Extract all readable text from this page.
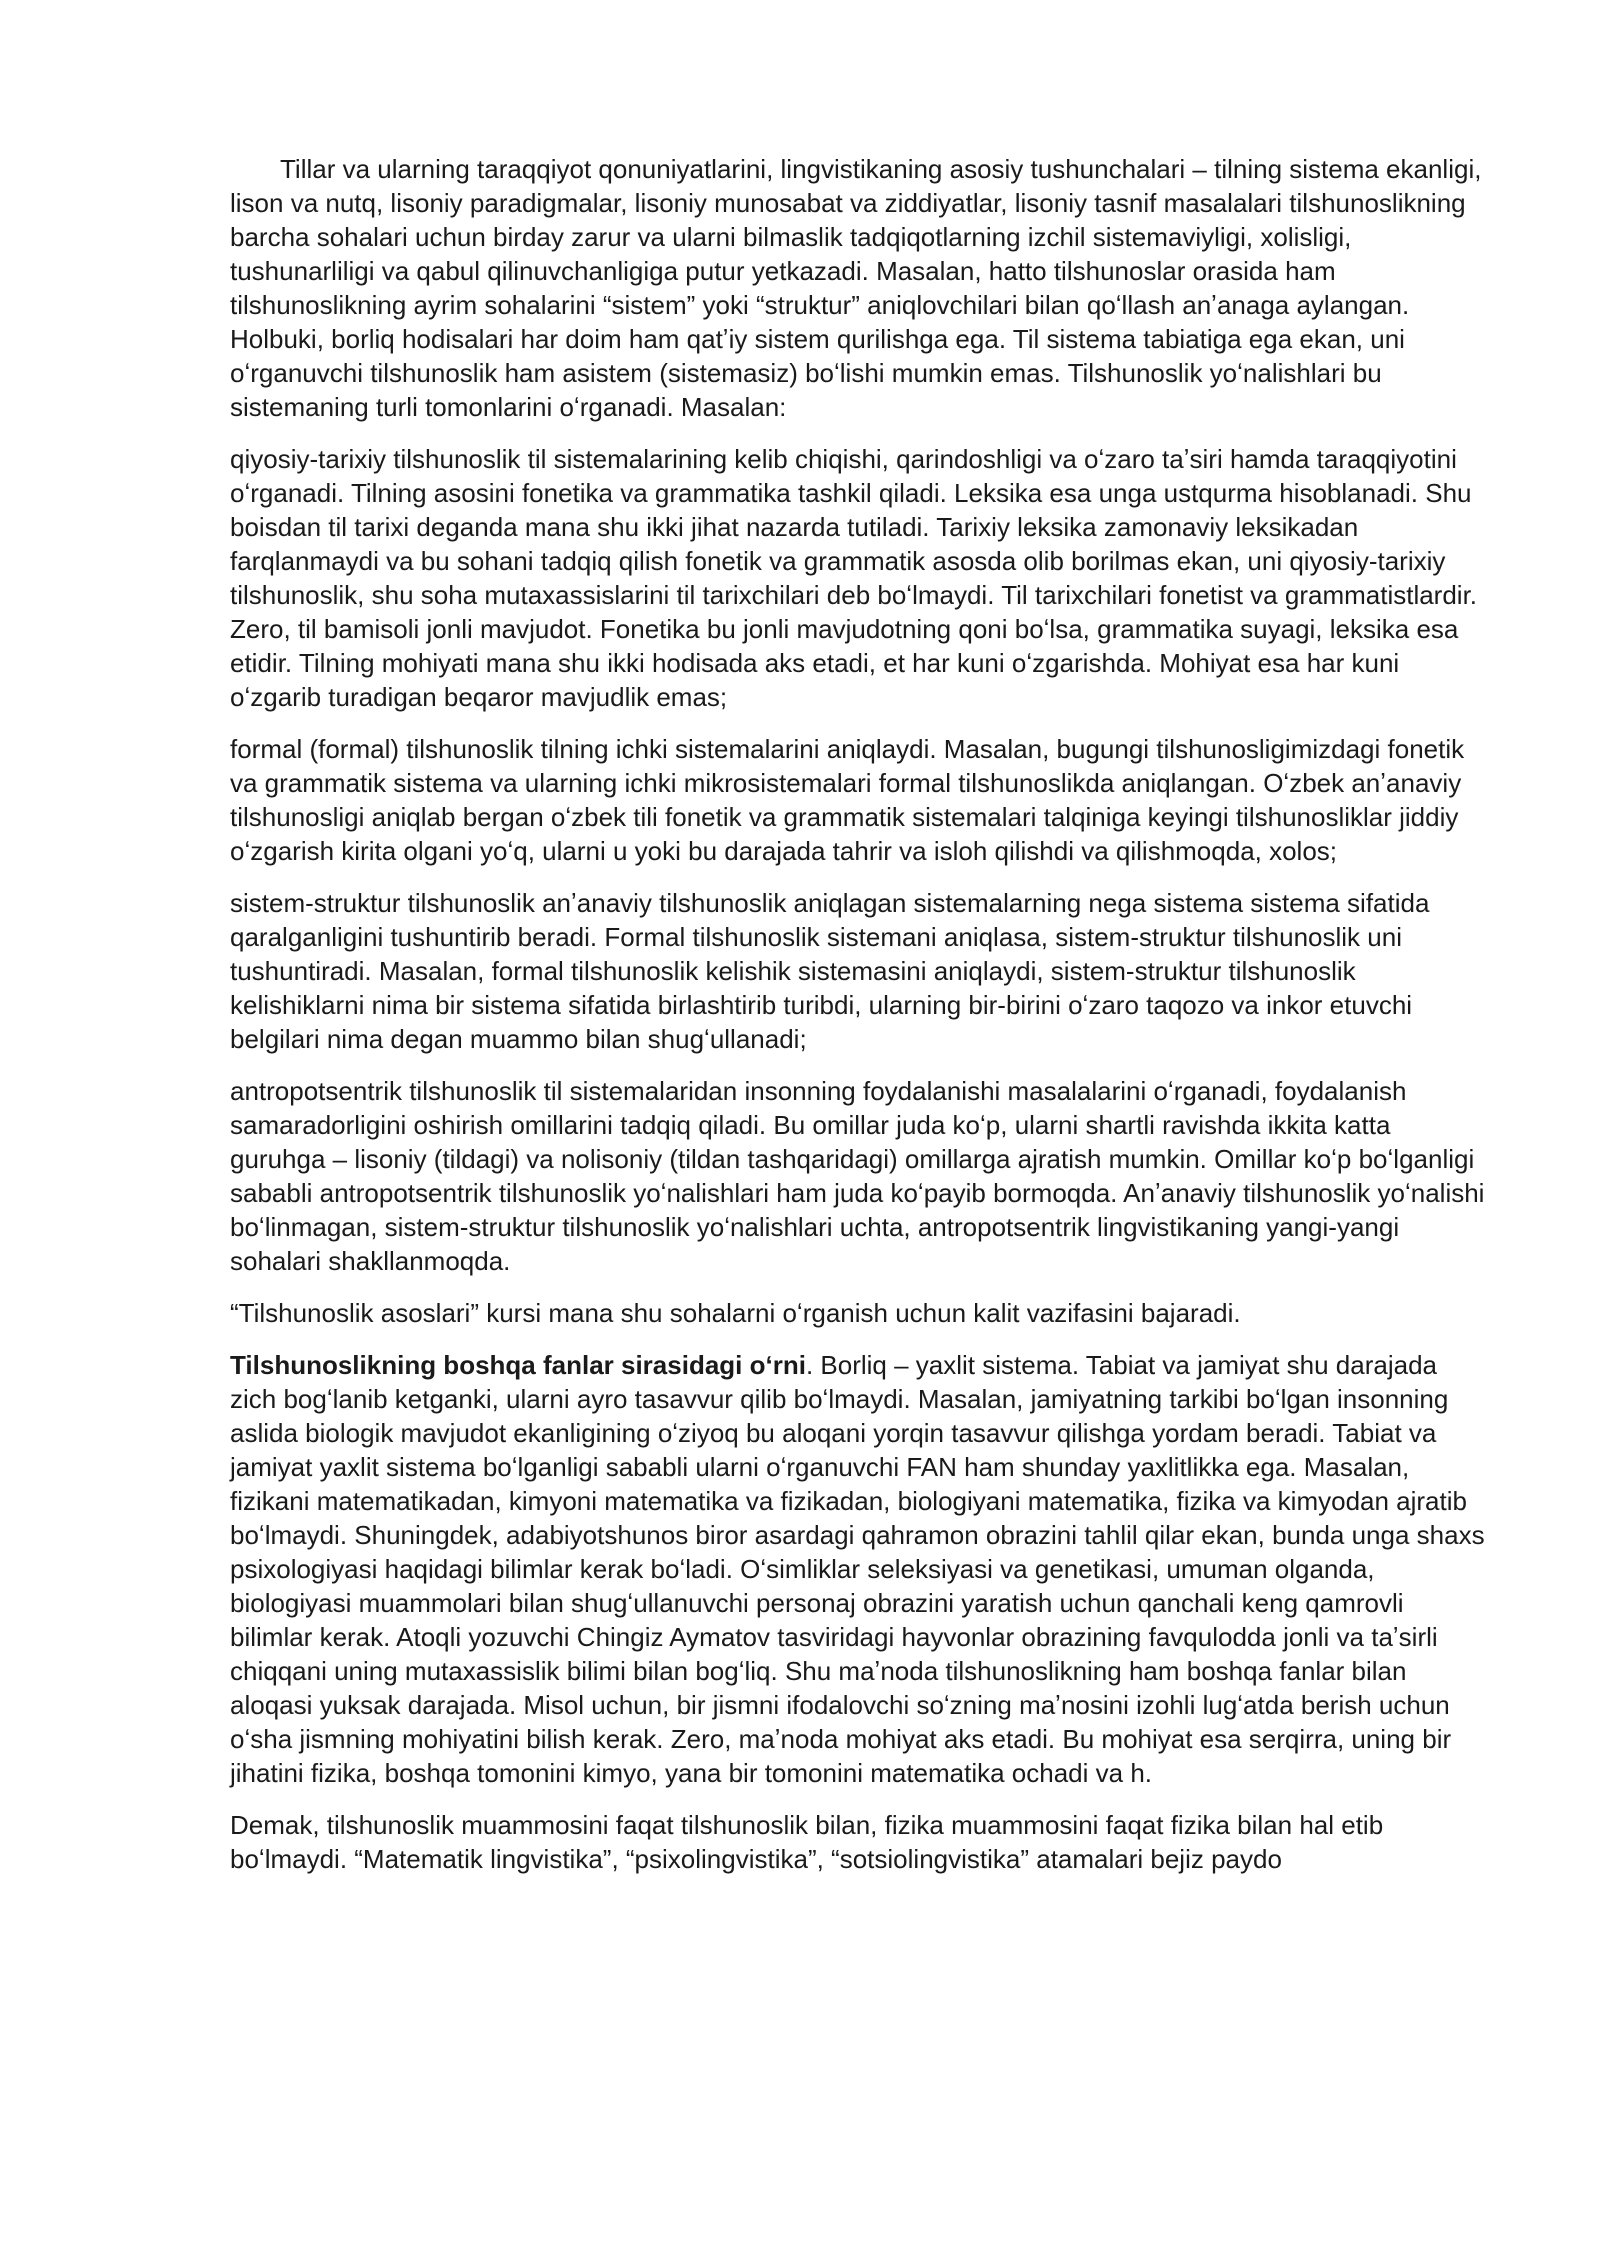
Tillar va ularning taraqqiyot qonuniyatlarini, lingvistikaning asosiy tushunchalari – tilning sistema ekanligi, lison va nutq, lisoniy paradigmalar, lisoniy munosabat va ziddiyatlar, lisoniy tasnif masalalari tilshunoslikning barcha sohalari uchun birday zarur va ularni bilmaslik tadqiqotlarning izchil sistemaviyligi, xolisligi, tushunarliligi va qabul qilinuvchanligiga putur yetkazadi. Masalan, hatto tilshunoslar orasida ham tilshunoslikning ayrim sohalarini “sistem” yoki “struktur” aniqlovchilari bilan qoʻllash anʼanaga aylangan. Holbuki, borliq hodisalari har doim ham qatʼiy sistem qurilishga ega. Til sistema tabiatiga ega ekan, uni oʻrganuvchi tilshunoslik ham asistem (sistemasiz) boʻlishi mumkin emas. Tilshunoslik yoʻnalishlari bu sistemaning turli tomonlarini oʻrganadi. Masalan:

qiyosiy-tarixiy tilshunoslik til sistemalarining kelib chiqishi, qarindoshligi va oʻzaro taʼsiri hamda taraqqiyotini oʻrganadi. Tilning asosini fonetika va grammatika tashkil qiladi. Leksika esa unga ustqurma hisoblanadi. Shu boisdan til tarixi deganda mana shu ikki jihat nazarda tutiladi. Tarixiy leksika zamonaviy leksikadan farqlanmaydi va bu sohani tadqiq qilish fonetik va grammatik asosda olib borilmas ekan, uni qiyosiy-tarixiy tilshunoslik, shu soha mutaxassislarini til tarixchilari deb boʻlmaydi. Til tarixchilari fonetist va grammatistlardir. Zero, til bamisoli jonli mavjudot. Fonetika bu jonli mavjudotning qoni boʻlsa, grammatika suyagi, leksika esa etidir. Tilning mohiyati mana shu ikki hodisada aks etadi, et har kuni oʻzgarishda. Mohiyat esa har kuni oʻzgarib turadigan beqaror mavjudlik emas;

formal (formal) tilshunoslik tilning ichki sistemalarini aniqlaydi. Masalan, bugungi tilshunosligimizdagi fonetik va grammatik sistema va ularning ichki mikrosistemalari formal tilshunoslikda aniqlangan. Oʻzbek anʼanaviy tilshunosligi aniqlab bergan oʻzbek tili fonetik va grammatik sistemalari talqiniga keyingi tilshunosliklar jiddiy oʻzgarish kirita olgani yoʻq, ularni u yoki bu darajada tahrir va isloh qilishdi va qilishmoqda, xolos;

sistem-struktur tilshunoslik anʼanaviy tilshunoslik aniqlagan sistemalarning nega sistema sistema sifatida qaralganligini tushuntirib beradi. Formal tilshunoslik sistemani aniqlasa, sistem-struktur tilshunoslik uni tushuntiradi. Masalan, formal tilshunoslik kelishik sistemasini aniqlaydi, sistem-struktur tilshunoslik kelishiklarni nima bir sistema sifatida birlashtirib turibdi, ularning bir-birini oʻzaro taqozo va inkor etuvchi belgilari nima degan muammo bilan shugʻullanadi;

antropotsentrik tilshunoslik til sistemalaridan insonning foydalanishi masalalarini oʻrganadi, foydalanish samaradorligini oshirish omillarini tadqiq qiladi. Bu omillar juda koʻp, ularni shartli ravishda ikkita katta guruhga – lisoniy (tildagi) va nolisoniy (tildan tashqaridagi) omillarga ajratish mumkin. Omillar koʻp boʻlganligi sababli antropotsentrik tilshunoslik yoʻnalishlari ham juda koʻpayib bormoqda. Anʼanaviy tilshunoslik yoʻnalishi boʻlinmagan, sistem-struktur tilshunoslik yoʻnalishlari uchta, antropotsentrik lingvistikaning yangi-yangi sohalari shakllanmoqda.

“Tilshunoslik asoslari” kursi mana shu sohalarni oʻrganish uchun kalit vazifasini bajaradi.

Tilshunoslikning boshqa fanlar sirasidagi oʻrni. Borliq – yaxlit sistema. Tabiat va jamiyat shu darajada zich bogʻlanib ketganki, ularni ayro tasavvur qilib boʻlmaydi. Masalan, jamiyatning tarkibi boʻlgan insonning aslida biologik mavjudot ekanligining oʻziyoq bu aloqani yorqin tasavvur qilishga yordam beradi. Tabiat va jamiyat yaxlit sistema boʻlganligi sababli ularni oʻrganuvchi FAN ham shunday yaxlitlikka ega. Masalan, fizikani matematikadan, kimyoni matematika va fizikadan, biologiyani matematika, fizika va kimyodan ajratib boʻlmaydi. Shuningdek, adabiyotshunos biror asardagi qahramon obrazini tahlil qilar ekan, bunda unga shaxs psixologiyasi haqidagi bilimlar kerak boʻladi. Oʻsimliklar seleksiyasi va genetikasi, umuman olganda, biologiyasi muammolari bilan shugʻullanuvchi personaj obrazini yaratish uchun qanchali keng qamrovli bilimlar kerak. Atoqli yozuvchi Chingiz Aymatov tasviridagi hayvonlar obrazining favqulodda jonli va taʼsirli chiqqani uning mutaxassislik bilimi bilan bogʻliq. Shu maʼnoda tilshunoslikning ham boshqa fanlar bilan aloqasi yuksak darajada. Misol uchun, bir jismni ifodalovchi soʻzning maʼnosini izohli lugʻatda berish uchun oʻsha jismning mohiyatini bilish kerak. Zero, maʼnoda mohiyat aks etadi. Bu mohiyat esa serqirra, uning bir jihatini fizika, boshqa tomonini kimyo, yana bir tomonini matematika ochadi va h.

Demak, tilshunoslik muammosini faqat tilshunoslik bilan, fizika muammosini faqat fizika bilan hal etib boʻlmaydi. “Matematik lingvistika”, “psixolingvistika”, “sotsiolingvistika” atamalari bejiz paydo
